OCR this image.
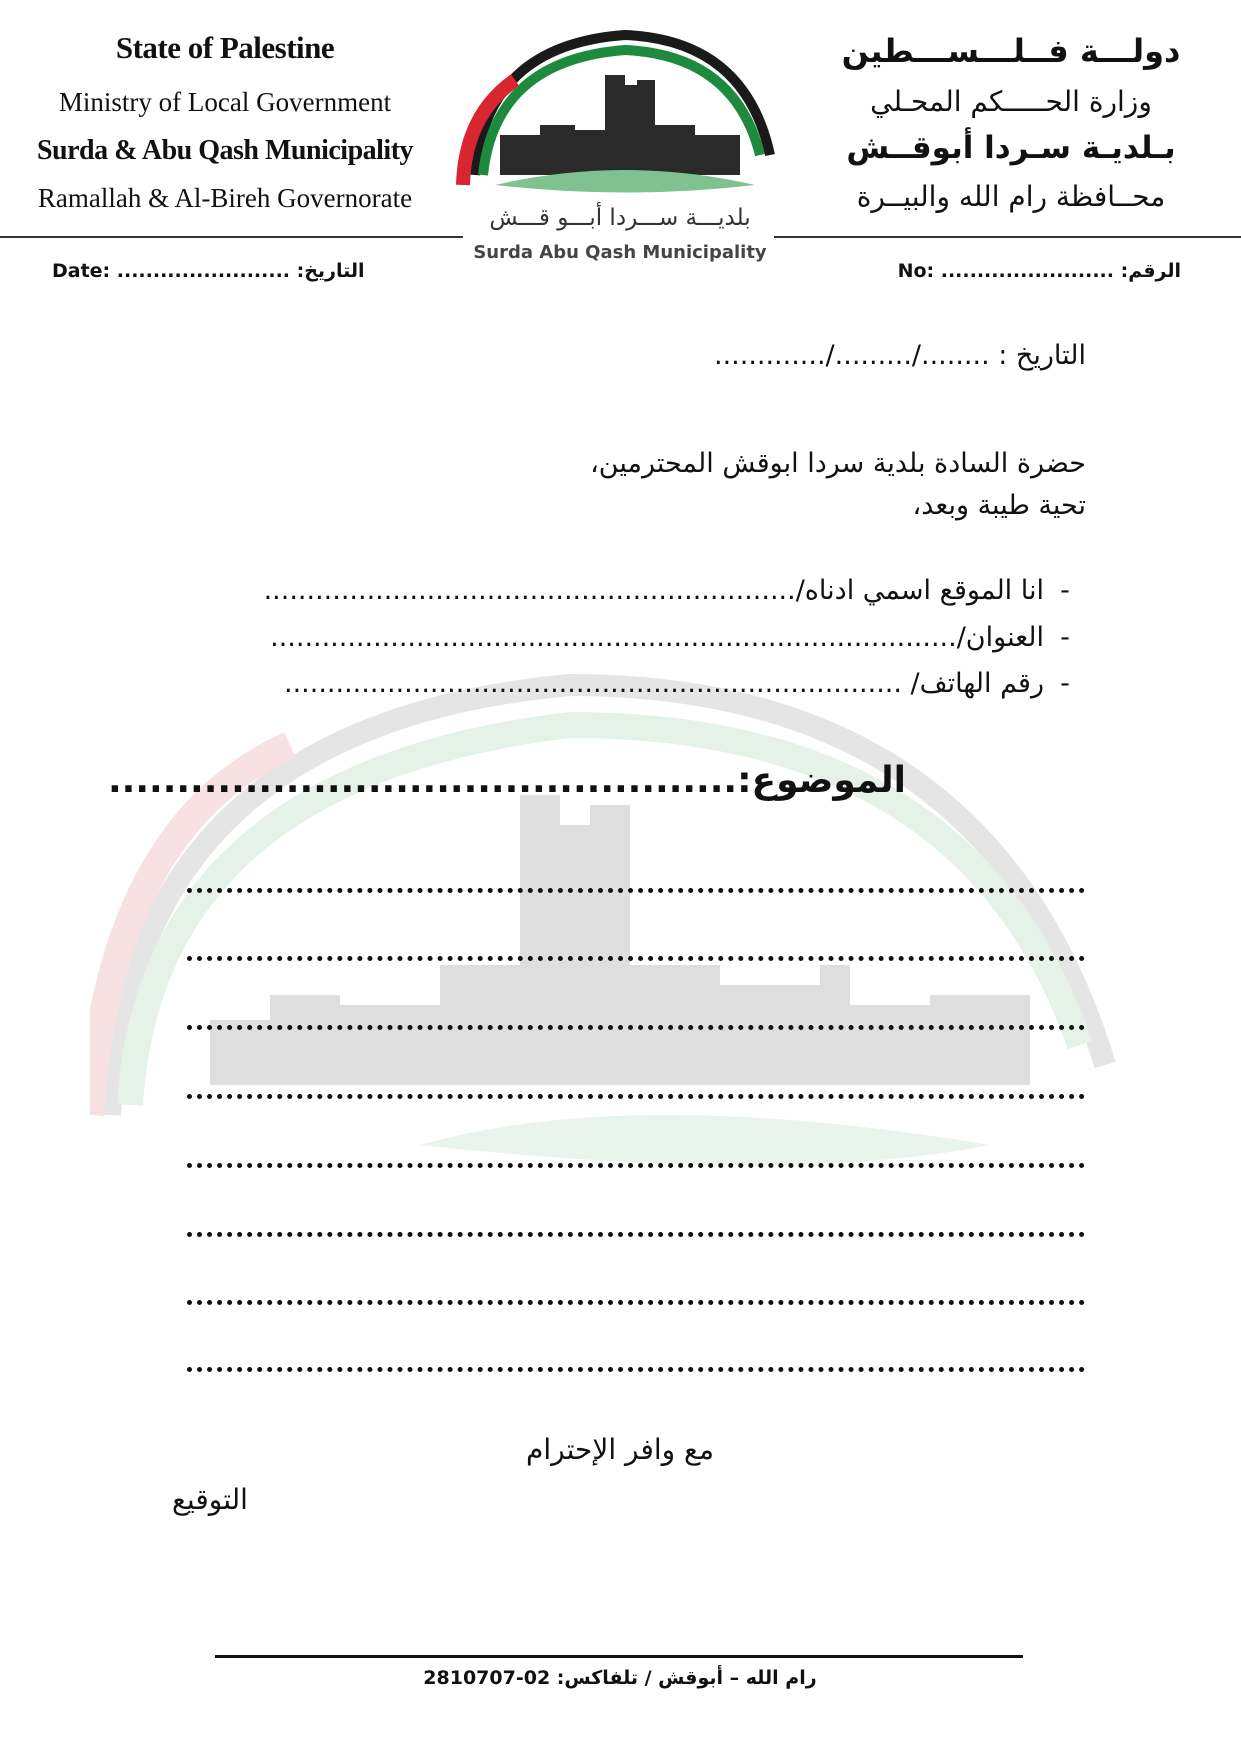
State of Palestine
Ministry of Local Government
Surda & Abu Qash Municipality
Ramallah & Al-Bireh Governorate
دولـــة فــلـــســـطين
وزارة الحـــــكم المحـلي
بـلديـة سـردا أبوقــش
محــافظة رام الله والبيــرة
بلديـــة ســـردا أبـــو قـــش
Surda Abu Qash Municipality
Date: ........................ :التاريخ	No: ........................ :الرقم
التاريخ : ......../........./.............
حضرة السادة بلدية سردا ابوقش المحترمين،
تحية طيبة وبعد،
-انا الموقع اسمي ادناه/..............................................................
-العنوان/................................................................................
-رقم الهاتف/ ........................................................................
الموضوع:..............................................
مع وافر الإحترام
التوقيع
رام الله – أبوقش / تلفاكس: 02-2810707
